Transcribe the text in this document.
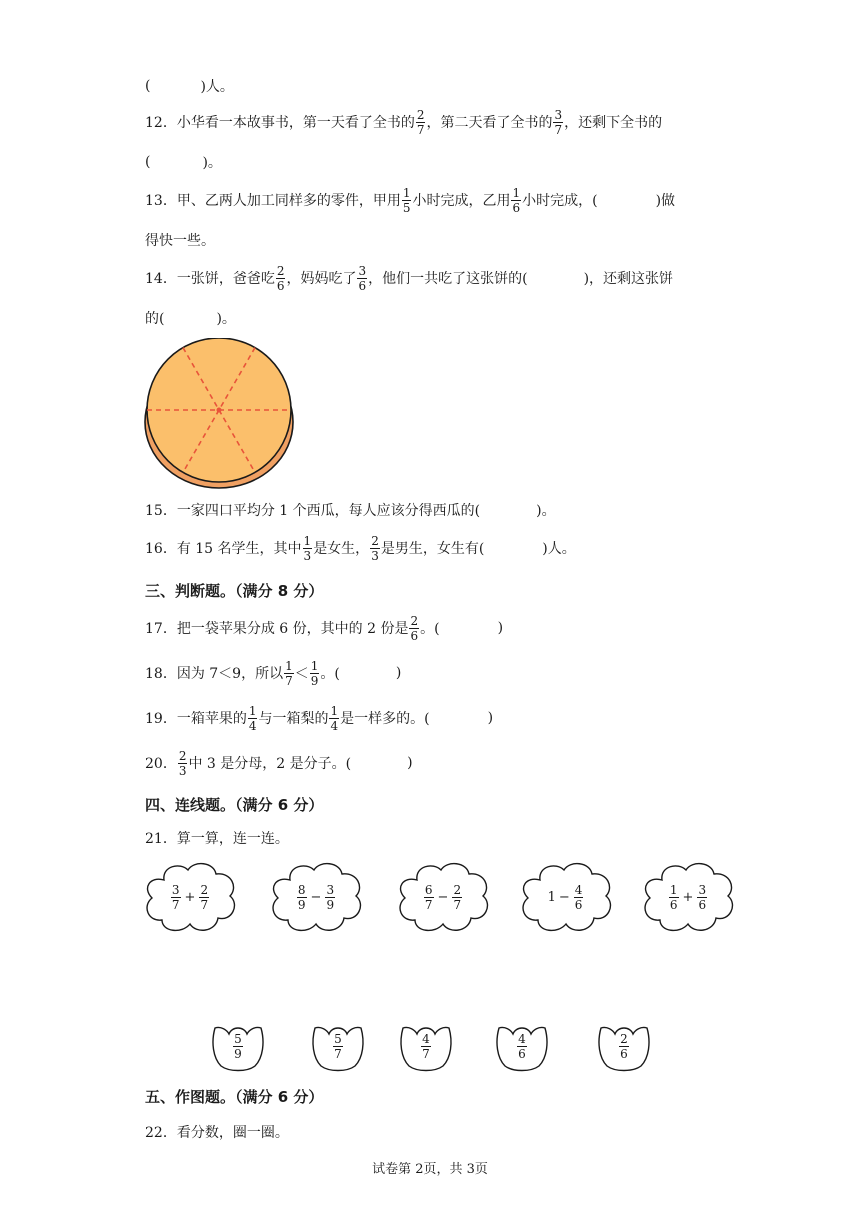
(	)人。
12． 小华看一本故事书，第一天看了全书的 $\frac{2}{7}$ ，第二天看了全书的 $\frac{3}{7}$ ，还剩下全书的
(	)。
13． 甲、乙两人加工同样多的零件，甲用 $\frac{1}{5}$ 小时完成，乙用 $\frac{1}{6}$ 小时完成，(	)做
得快一些。
14． 一张饼，爸爸吃 $\frac{2}{6}$ ，妈妈吃了 $\frac{3}{6}$ ，他们一共吃了这张饼的(	)，还剩这张饼
的(	)。
15． 一家四口平均分 1 个西瓜，每人应该分得西瓜的(	)。
16． 有 15 名学生，其中 $\frac{1}{3}$ 是女生， $\frac{2}{3}$ 是男生，女生有(	)人。
三、判断题。（满分 8 分）
17． 把一袋苹果分成 6 份，其中的 2 份是 $\frac{2}{6}$ 。(	)
18． 因为 7＜9，所以 $\frac{1}{7} < \frac{1}{9}$ 。(	)
19． 一箱苹果的 $\frac{1}{4}$ 与一箱梨的 $\frac{1}{4}$ 是一样多的。(	)
20． $\frac{2}{3}$ 中 3 是分母，2 是分子。(	)
四、连线题。（满分 6 分）
21． 算一算，连一连。
$\frac{3}{7} + \frac{2}{7}$	$\frac{8}{9} - \frac{3}{9}$	$\frac{6}{7} - \frac{2}{7}$	$1 - \frac{4}{6}$	$\frac{1}{6} + \frac{3}{6}$
$\frac{5}{9}$	$\frac{5}{7}$	$\frac{4}{7}$	$\frac{4}{6}$	$\frac{2}{6}$
五、作图题。（满分 6 分）
22． 看分数，圈一圈。
试卷第 2页，共 3页
